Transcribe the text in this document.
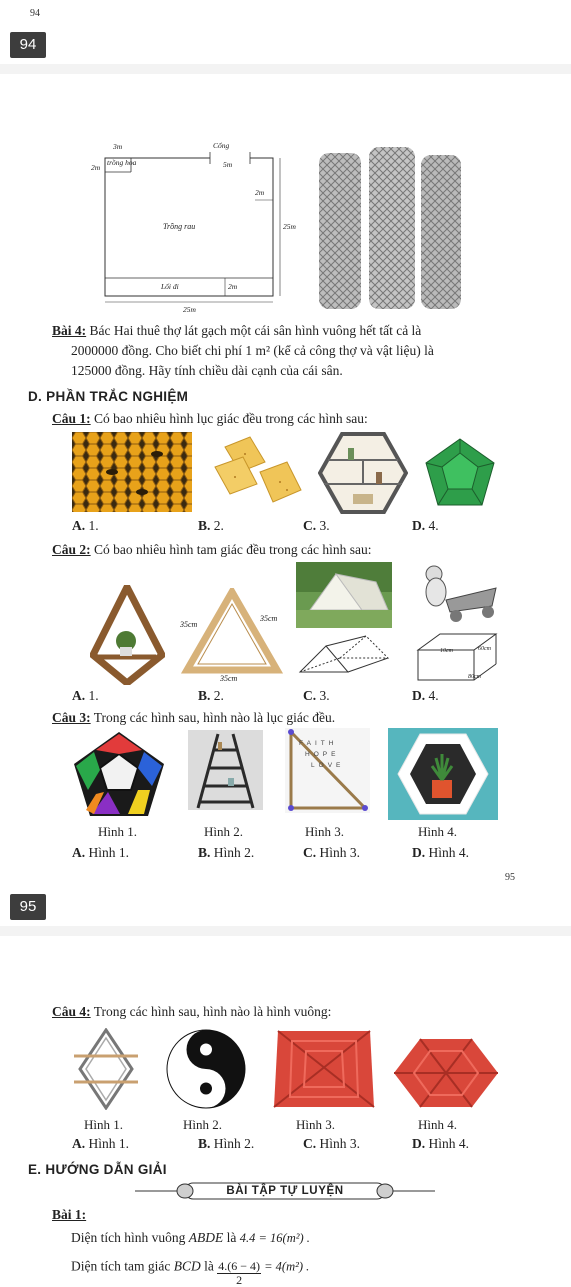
94
94
3m	Cổng
2m
trồng hoa	5m
2m
Trồng rau	25m
Lối đi	2m
25m
Bài 4: Bác Hai thuê thợ lát gạch một cái sân hình vuông hết tất cả là
2000000 đồng. Cho biết chi phí 1 m² (kể cả công thợ và vật liệu) là
125000 đồng. Hãy tính chiều dài cạnh của cái sân.
D. PHẦN TRẮC NGHIỆM
Câu 1: Có bao nhiêu hình lục giác đều trong các hình sau:
A. 1.	B. 2.	C. 3.	D. 4.
Câu 2: Có bao nhiêu hình tam giác đều trong các hình sau:
35cm
35cm
35cm
10cm	60cm
80cm
A. 1.	B. 2.	C. 3.	D. 4.
Câu 3: Trong các hình sau, hình nào là lục giác đều.
FAITH
HOPE
LOVE
Hình 1.	Hình 2.	Hình 3.	Hình 4.
A. Hình 1.	B. Hình 2.	C. Hình 3.	D. Hình 4.
95
95
Câu 4: Trong các hình sau, hình nào là hình vuông:
Hình 1.	Hình 2.	Hình 3.	Hình 4.
A. Hình 1.	B. Hình 2.	C. Hình 3.	D. Hình 4.
E. HƯỚNG DẪN GIẢI
BÀI TẬP TỰ LUYỆN
Bài 1:
Diện tích hình vuông ABDE là 4.4 = 16(m²) .
Diện tích tam giác BCD là $\frac{4.(6 - 4)}{2} = 4(m^2)$ .
